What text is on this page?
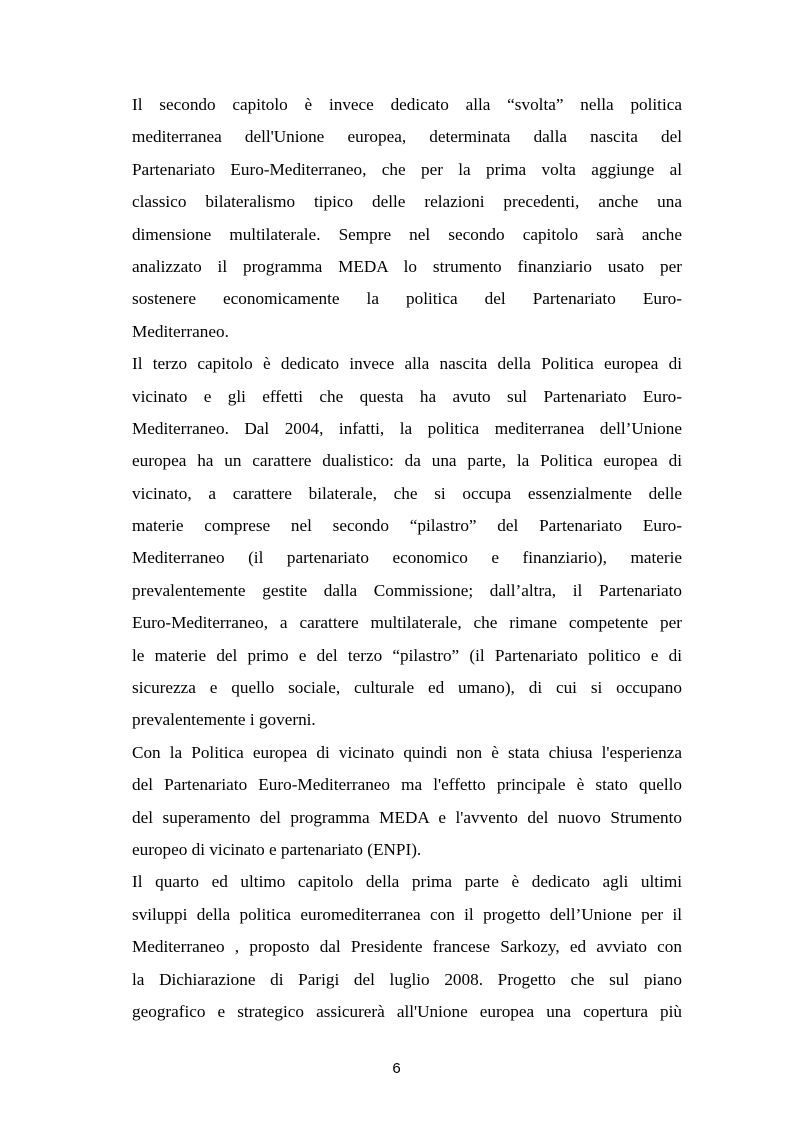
Il secondo capitolo è invece dedicato alla “svolta” nella politica
mediterranea dell'Unione europea, determinata dalla nascita del
Partenariato Euro-Mediterraneo, che per la prima volta aggiunge al
classico bilateralismo tipico delle relazioni precedenti, anche una
dimensione multilaterale. Sempre nel secondo capitolo sarà anche
analizzato il programma MEDA lo strumento finanziario usato per
sostenere economicamente la politica del Partenariato Euro-
Mediterraneo.
Il terzo capitolo è dedicato invece alla nascita della Politica europea di
vicinato e gli effetti che questa ha avuto sul Partenariato Euro-
Mediterraneo. Dal 2004, infatti, la politica mediterranea dell’Unione
europea ha un carattere dualistico: da una parte, la Politica europea di
vicinato, a carattere bilaterale, che si occupa essenzialmente delle
materie comprese nel secondo “pilastro” del Partenariato Euro-
Mediterraneo (il partenariato economico e finanziario), materie
prevalentemente gestite dalla Commissione; dall’altra, il Partenariato
Euro-Mediterraneo, a carattere multilaterale, che rimane competente per
le materie del primo e del terzo “pilastro” (il Partenariato politico e di
sicurezza e quello sociale, culturale ed umano), di cui si occupano
prevalentemente i governi.
Con la Politica europea di vicinato quindi non è stata chiusa l'esperienza
del Partenariato Euro-Mediterraneo ma l'effetto principale è stato quello
del superamento del programma MEDA e l'avvento del nuovo Strumento
europeo di vicinato e partenariato (ENPI).
Il quarto ed ultimo capitolo della prima parte è dedicato agli ultimi
sviluppi della politica euromediterranea con il progetto dell’Unione per il
Mediterraneo , proposto dal Presidente francese Sarkozy, ed avviato con
la Dichiarazione di Parigi del luglio 2008. Progetto che sul piano
geografico e strategico assicurerà all'Unione europea una copertura più
6
